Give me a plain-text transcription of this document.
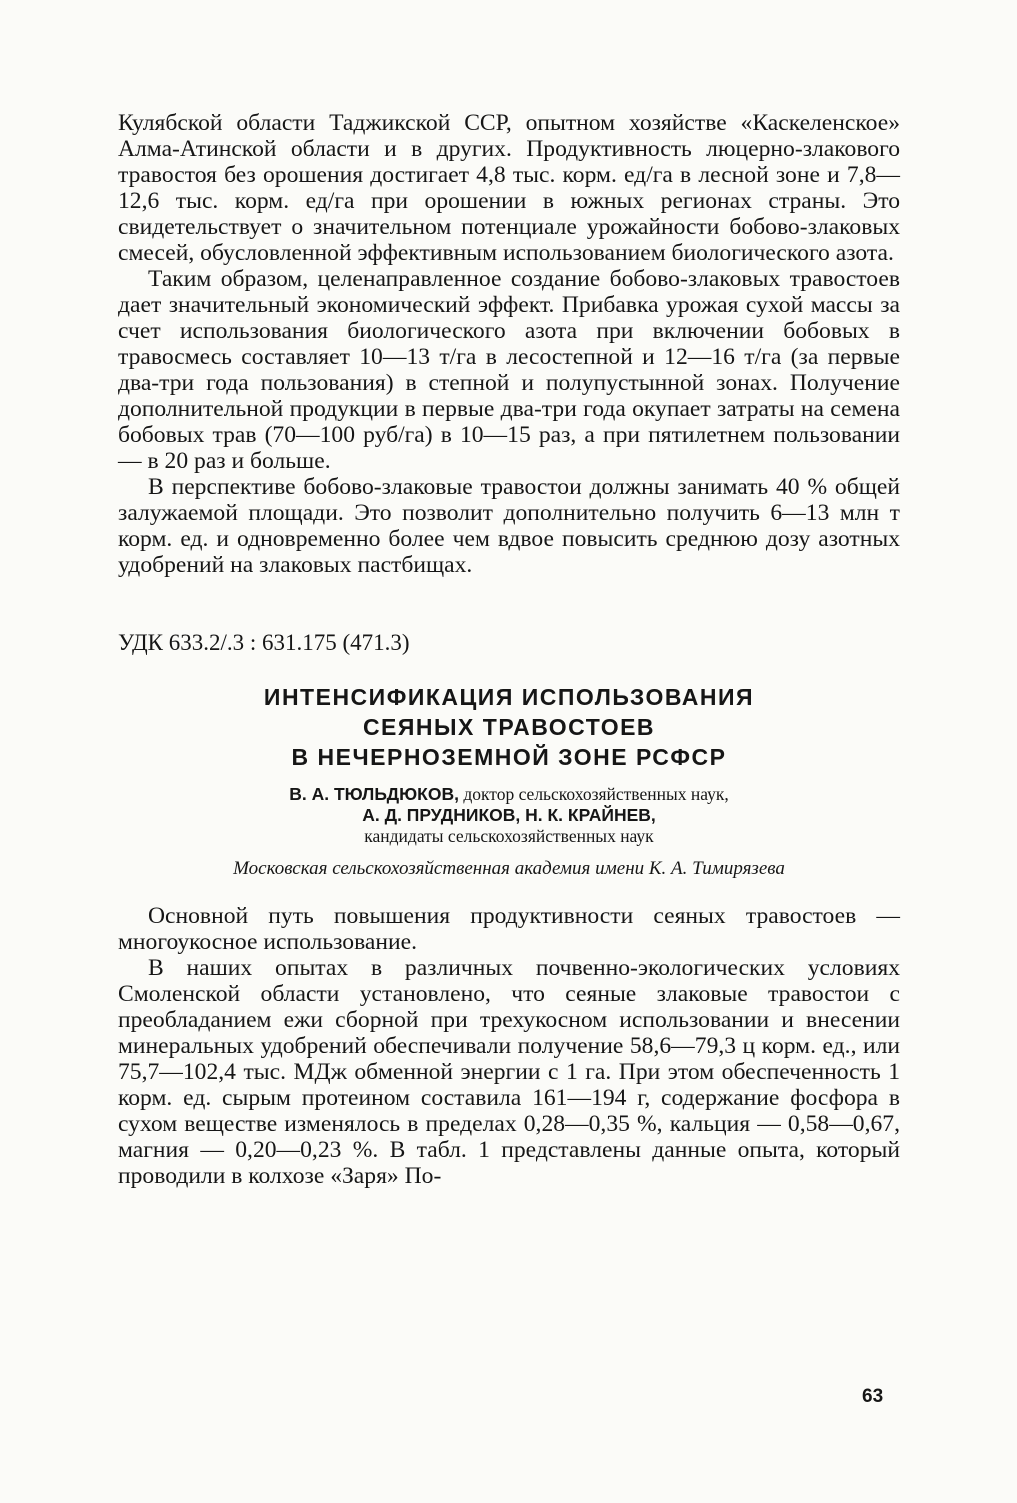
Кулябской области Таджикской ССР, опытном хозяйстве «Каскеленское» Алма-Атинской области и в других. Продуктивность люцерно-злакового травостоя без орошения достигает 4,8 тыс. корм. ед/га в лесной зоне и 7,8—12,6 тыс. корм. ед/га при орошении в южных регионах страны. Это свидетельствует о значительном потенциале урожайности бобово-злаковых смесей, обусловленной эффективным использованием биологического азота.

Таким образом, целенаправленное создание бобово-злаковых травостоев дает значительный экономический эффект. Прибавка урожая сухой массы за счет использования биологического азота при включении бобовых в травосмесь составляет 10—13 т/га в лесостепной и 12—16 т/га (за первые два-три года пользования) в степной и полупустынной зонах. Получение дополнительной продукции в первые два-три года окупает затраты на семена бобовых трав (70—100 руб/га) в 10—15 раз, а при пятилетнем пользовании — в 20 раз и больше.

В перспективе бобово-злаковые травостои должны занимать 40 % общей залужаемой площади. Это позволит дополнительно получить 6—13 млн т корм. ед. и одновременно более чем вдвое повысить среднюю дозу азотных удобрений на злаковых пастбищах.

УДК 633.2/.3 : 631.175 (471.3)
ИНТЕНСИФИКАЦИЯ ИСПОЛЬЗОВАНИЯ
СЕЯНЫХ ТРАВОСТОЕВ
В НЕЧЕРНОЗЕМНОЙ ЗОНЕ РСФСР
В. А. ТЮЛЬДЮКОВ, доктор сельскохозяйственных наук,
А. Д. ПРУДНИКОВ, Н. К. КРАЙНЕВ,
кандидаты сельскохозяйственных наук
Московская сельскохозяйственная академия имени К. А. Тимирязева

Основной путь повышения продуктивности сеяных травостоев — многоукосное использование.

В наших опытах в различных почвенно-экологических условиях Смоленской области установлено, что сеяные злаковые травостои с преобладанием ежи сборной при трехукосном использовании и внесении минеральных удобрений обеспечивали получение 58,6—79,3 ц корм. ед., или 75,7—102,4 тыс. МДж обменной энергии с 1 га. При этом обеспеченность 1 корм. ед. сырым протеином составила 161—194 г, содержание фосфора в сухом веществе изменялось в пределах 0,28—0,35 %, кальция — 0,58—0,67, магния — 0,20—0,23 %. В табл. 1 представлены данные опыта, который проводили в колхозе «Заря» По-

63
